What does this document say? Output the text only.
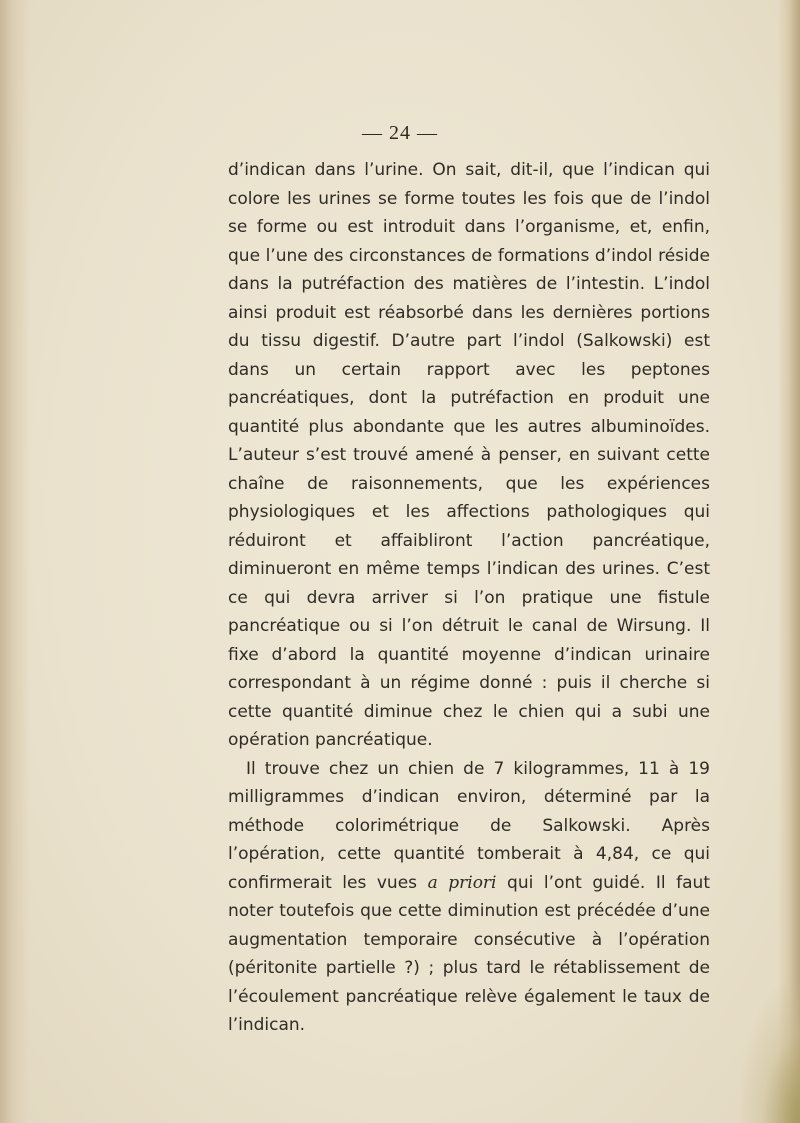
— 24 —

d’indican dans l’urine. On sait, dit-il, que l’indican qui colore les urines se forme toutes les fois que de l’indol se forme ou est introduit dans l’organisme, et, enfin, que l’une des circonstances de formations d’indol réside dans la putréfaction des matières de l’intestin. L’indol ainsi produit est réabsorbé dans les dernières portions du tissu digestif. D’autre part l’indol (Salkowski) est dans un certain rapport avec les peptones pancréatiques, dont la putréfaction en produit une quantité plus abondante que les autres albuminoïdes. L’auteur s’est trouvé amené à penser, en suivant cette chaîne de raisonnements, que les expériences physiologiques et les affections pathologiques qui réduiront et affaibliront l’action pancréatique, diminueront en même temps l’indican des urines. C’est ce qui devra arriver si l’on pratique une fistule pancréatique ou si l’on détruit le canal de Wirsung. Il fixe d’abord la quantité moyenne d’indican urinaire correspondant à un régime donné : puis il cherche si cette quantité diminue chez le chien qui a subi une opération pancréatique.

Il trouve chez un chien de 7 kilogrammes, 11 à 19 milligrammes d’indican environ, déterminé par la méthode colorimétrique de Salkowski. Après l’opération, cette quantité tomberait à 4,84, ce qui confirmerait les vues a priori qui l’ont guidé. Il faut noter toutefois que cette diminution est précédée d’une augmentation temporaire consécutive à l’opération (péritonite partielle ?) ; plus tard le rétablissement de l’écoulement pancréatique relève également le taux de l’indican.
